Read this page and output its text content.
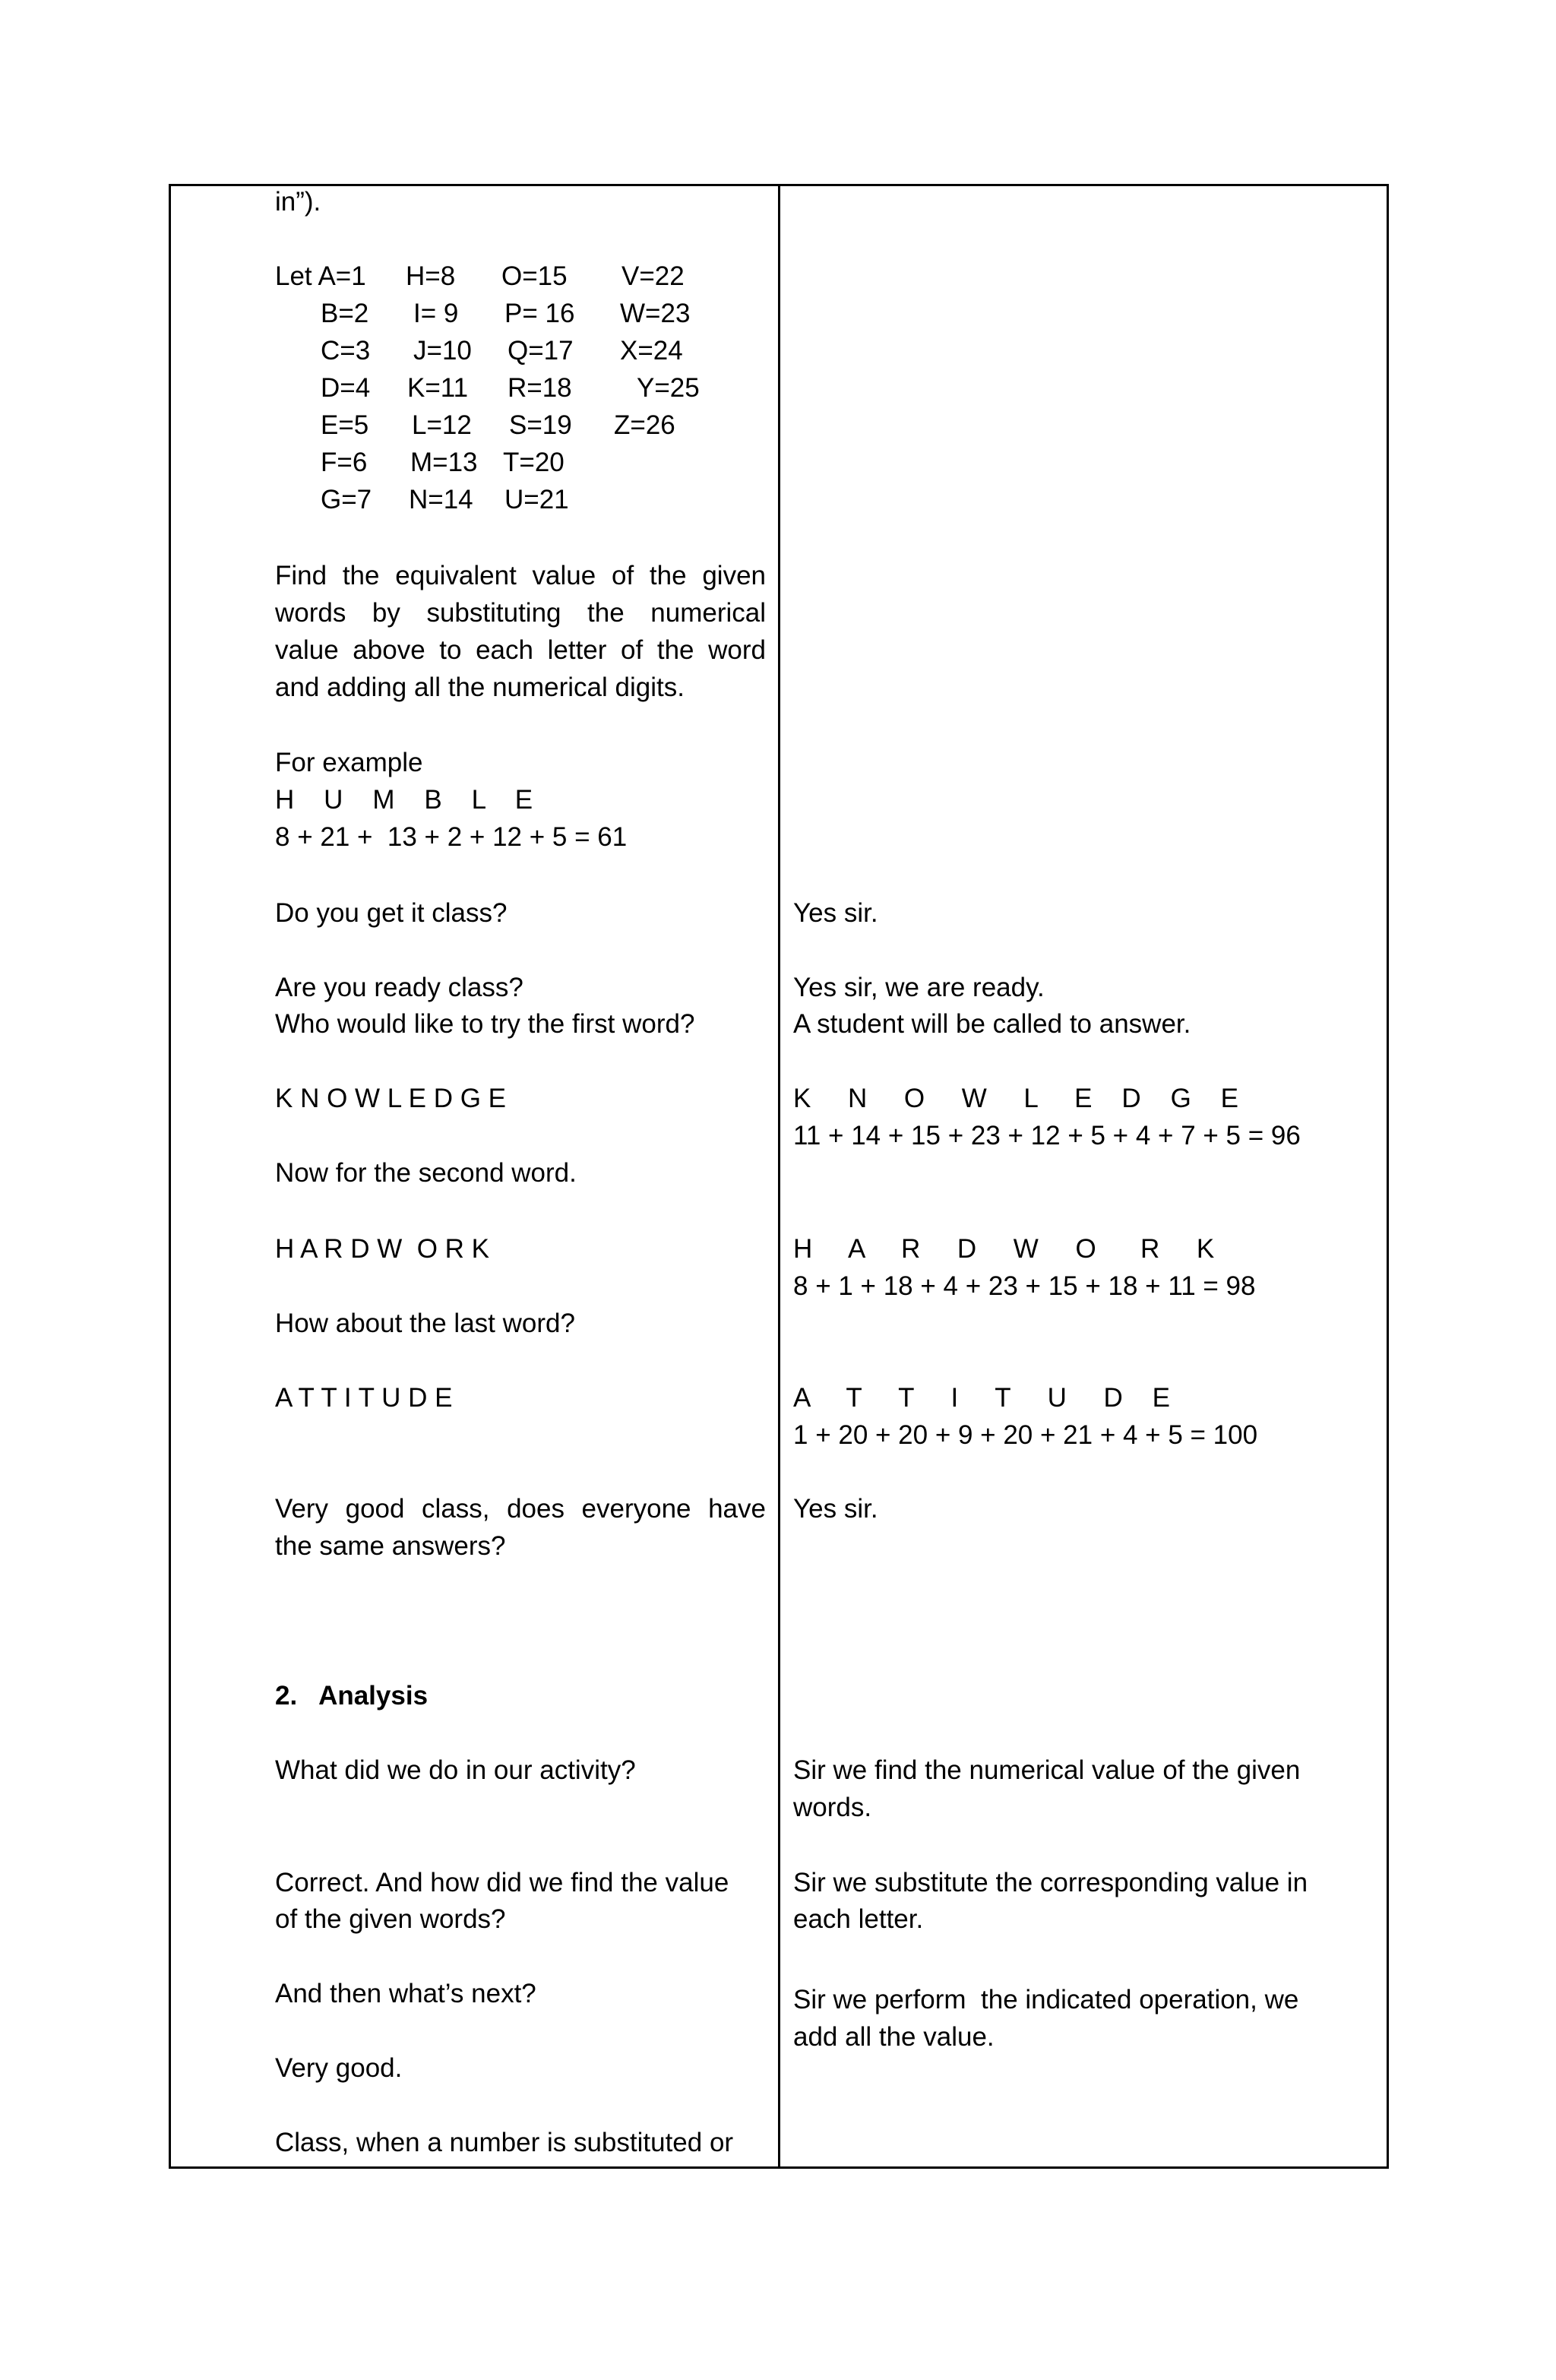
in”).
Let A=1 H=8 O=15 V=22
B=2 I= 9 P= 16 W=23
C=3 J=10 Q=17 X=24
D=4 K=11 R=18 Y=25
E=5 L=12 S=19 Z=26
F=6 M=13 T=20
G=7 N=14 U=21
Find the equivalent value of the given
words by substituting the numerical
value above to each letter of the word
and adding all the numerical digits.
For example
H    U    M    B    L    E
8 + 21 +  13 + 2 + 12 + 5 = 61
Do you get it class?
Are you ready class?
Who would like to try the first word?
K N O W L E D G E
Now for the second word.
H A R D W  O R K
How about the last word?
A T T I T U D E
Very good class, does everyone have
the same answers?
2.   Analysis
What did we do in our activity?
Correct. And how did we find the value
of the given words?
And then what’s next?
Very good.
Class, when a number is substituted or
Yes sir.
Yes sir, we are ready.
A student will be called to answer.
K     N     O     W     L     E    D    G    E
11 + 14 + 15 + 23 + 12 + 5 + 4 + 7 + 5 = 96
H     A     R     D     W     O      R     K
8 + 1 + 18 + 4 + 23 + 15 + 18 + 11 = 98
A     T     T     I     T     U     D    E
1 + 20 + 20 + 9 + 20 + 21 + 4 + 5 = 100
Yes sir.
Sir we find the numerical value of the given
words.
Sir we substitute the corresponding value in
each letter.
Sir we perform  the indicated operation, we
add all the value.
